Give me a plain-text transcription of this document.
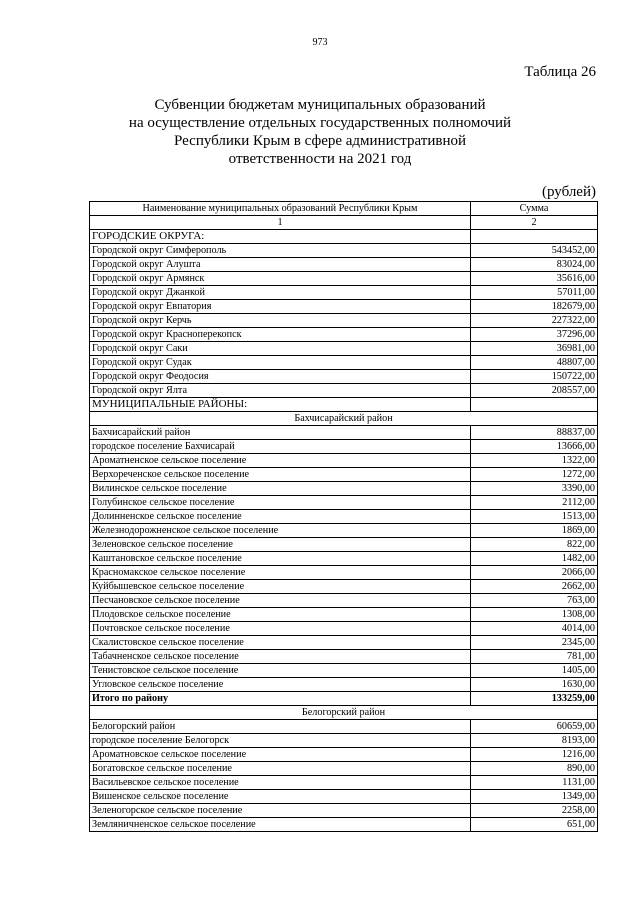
973
Таблица 26
Субвенции бюджетам муниципальных образований
на осуществление отдельных государственных полномочий
Республики Крым в сфере административной
ответственности на 2021 год
(рублей)
Наименование муниципальных образований Республики Крым	Сумма
1	2
ГОРОДСКИЕ ОКРУГА:	
Городской округ Симферополь	543452,00
Городской округ Алушта	83024,00
Городской округ Армянск	35616,00
Городской округ Джанкой	57011,00
Городской округ Евпатория	182679,00
Городской округ Керчь	227322,00
Городской округ Красноперекопск	37296,00
Городской округ Саки	36981,00
Городской округ Судак	48807,00
Городской округ Феодосия	150722,00
Городской округ Ялта	208557,00
МУНИЦИПАЛЬНЫЕ РАЙОНЫ:	
Бахчисарайский район	
Бахчисарайский район	88837,00
городское поселение Бахчисарай	13666,00
Ароматненское сельское поселение	1322,00
Верхореченское сельское поселение	1272,00
Вилинское сельское поселение	3390,00
Голубинское сельское поселение	2112,00
Долинненское сельское поселение	1513,00
Железнодорожненское сельское поселение	1869,00
Зеленовское сельское поселение	822,00
Каштановское сельское поселение	1482,00
Красномакское сельское поселение	2066,00
Куйбышевское сельское поселение	2662,00
Песчановское сельское поселение	763,00
Плодовское сельское поселение	1308,00
Почтовское сельское поселение	4014,00
Скалистовское сельское поселение	2345,00
Табачненское сельское поселение	781,00
Тенистовское сельское поселение	1405,00
Угловское сельское поселение	1630,00
Итого по району	133259,00
Белогорский район	
Белогорский район	60659,00
городское поселение Белогорск	8193,00
Ароматновское сельское поселение	1216,00
Богатовское сельское поселение	890,00
Васильевское сельское поселение	1131,00
Вишенское сельское поселение	1349,00
Зеленогорское сельское поселение	2258,00
Земляничненское сельское поселение	651,00
